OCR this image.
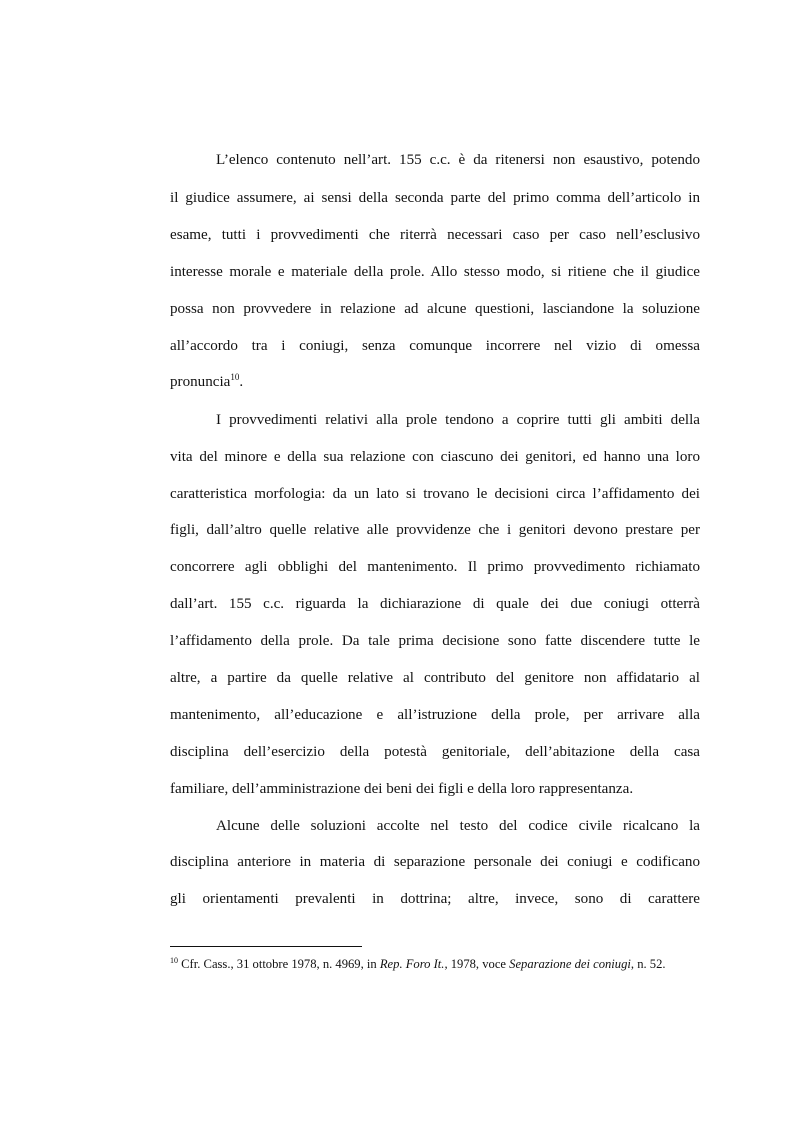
L’elenco contenuto nell’art. 155 c.c. è da ritenersi non esaustivo, potendo
il giudice assumere, ai sensi della seconda parte del primo comma dell’articolo in
esame, tutti i provvedimenti che riterrà necessari caso per caso nell’esclusivo
interesse morale e materiale della prole. Allo stesso modo, si ritiene che il giudice
possa non provvedere in relazione ad alcune questioni, lasciandone la soluzione
all’accordo tra i coniugi, senza comunque incorrere nel vizio di omessa
pronuncia$^{10}$.
I provvedimenti relativi alla prole tendono a coprire tutti gli ambiti della
vita del minore e della sua relazione con ciascuno dei genitori, ed hanno una loro
caratteristica morfologia: da un lato si trovano le decisioni circa l’affidamento dei
figli, dall’altro quelle relative alle provvidenze che i genitori devono prestare per
concorrere agli obblighi del mantenimento. Il primo provvedimento richiamato
dall’art. 155 c.c. riguarda la dichiarazione di quale dei due coniugi otterrà
l’affidamento della prole. Da tale prima decisione sono fatte discendere tutte le
altre, a partire da quelle relative al contributo del genitore non affidatario al
mantenimento, all’educazione e all’istruzione della prole, per arrivare alla
disciplina dell’esercizio della potestà genitoriale, dell’abitazione della casa
familiare, dell’amministrazione dei beni dei figli e della loro rappresentanza.
Alcune delle soluzioni accolte nel testo del codice civile ricalcano la
disciplina anteriore in materia di separazione personale dei coniugi e codificano
gli orientamenti prevalenti in dottrina; altre, invece, sono di carattere
$^{10}$ Cfr. Cass., 31 ottobre 1978, n. 4969, in Rep. Foro It., 1978, voce Separazione dei coniugi, n. 52.
